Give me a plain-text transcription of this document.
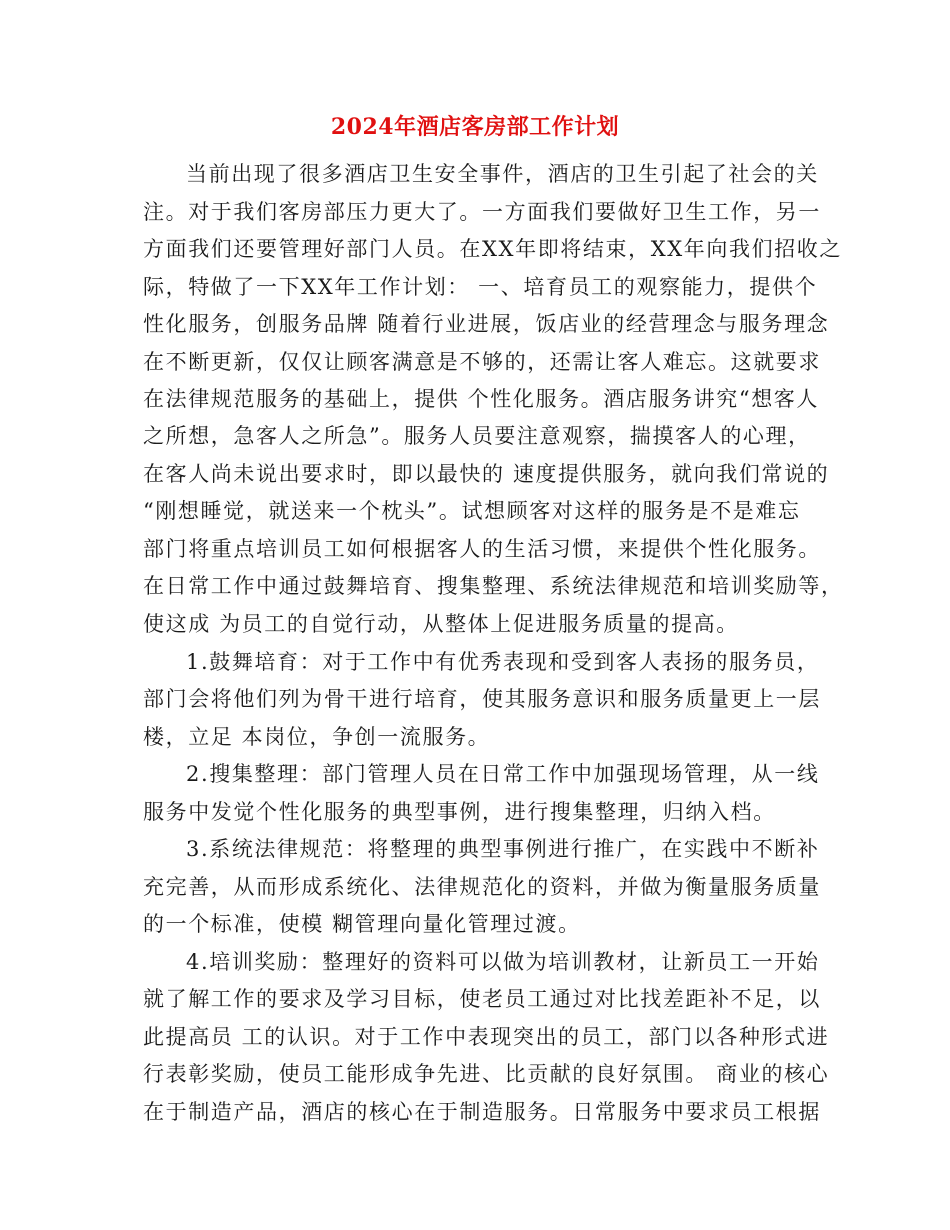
2024年酒店客房部工作计划
当前出现了很多酒店卫生安全事件，酒店的卫生引起了社会的关
注。对于我们客房部压力更大了。一方面我们要做好卫生工作，另一
方面我们还要管理好部门人员。在XX年即将结束，XX年向我们招收之
际，特做了一下XX年工作计划： 一、培育员工的观察能力，提供个
性化服务，创服务品牌 随着行业进展，饭店业的经营理念与服务理念
在不断更新，仅仅让顾客满意是不够的，还需让客人难忘。这就要求
在法律规范服务的基础上，提供 个性化服务。酒店服务讲究“想客人
之所想，急客人之所急”。服务人员要注意观察，揣摸客人的心理，
在客人尚未说出要求时，即以最快的 速度提供服务，就向我们常说的
“刚想睡觉，就送来一个枕头”。试想顾客对这样的服务是不是难忘
部门将重点培训员工如何根据客人的生活习惯，来提供个性化服务。
在日常工作中通过鼓舞培育、搜集整理、系统法律规范和培训奖励等，
使这成 为员工的自觉行动，从整体上促进服务质量的提高。
1.鼓舞培育：对于工作中有优秀表现和受到客人表扬的服务员，
部门会将他们列为骨干进行培育，使其服务意识和服务质量更上一层
楼，立足 本岗位，争创一流服务。
2.搜集整理：部门管理人员在日常工作中加强现场管理，从一线
服务中发觉个性化服务的典型事例，进行搜集整理，归纳入档。
3.系统法律规范：将整理的典型事例进行推广，在实践中不断补
充完善，从而形成系统化、法律规范化的资料，并做为衡量服务质量
的一个标准，使模 糊管理向量化管理过渡。
4.培训奖励：整理好的资料可以做为培训教材，让新员工一开始
就了解工作的要求及学习目标，使老员工通过对比找差距补不足，以
此提高员 工的认识。对于工作中表现突出的员工，部门以各种形式进
行表彰奖励，使员工能形成争先进、比贡献的良好氛围。 商业的核心
在于制造产品，酒店的核心在于制造服务。日常服务中要求员工根据
